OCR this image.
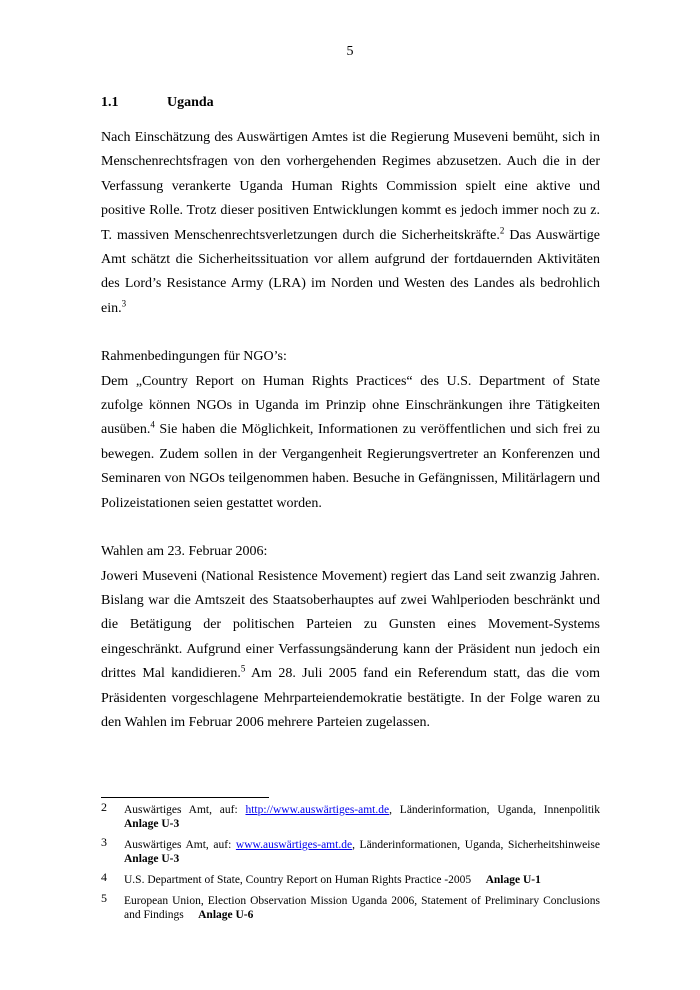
5
1.1	Uganda

Nach Einschätzung des Auswärtigen Amtes ist die Regierung Museveni bemüht, sich in Menschenrechtsfragen von den vorhergehenden Regimes abzusetzen. Auch die in der Verfassung verankerte Uganda Human Rights Commission spielt eine aktive und positive Rolle. Trotz dieser positiven Entwicklungen kommt es jedoch immer noch zu z. T. massiven Menschenrechtsverletzungen durch die Sicherheitskräfte.$^2$ Das Auswärtige Amt schätzt die Sicherheitssituation vor allem aufgrund der fortdauernden Aktivitäten des Lord’s Resistance Army (LRA) im Norden und Westen des Landes als bedrohlich ein.$^3$

Rahmenbedingungen für NGO’s:

Dem „Country Report on Human Rights Practices“ des U.S. Department of State zufolge können NGOs in Uganda im Prinzip ohne Einschränkungen ihre Tätigkeiten ausüben.$^4$ Sie haben die Möglichkeit, Informationen zu veröffentlichen und sich frei zu bewegen. Zudem sollen in der Vergangenheit Regierungsvertreter an Konferenzen und Seminaren von NGOs teilgenommen haben. Besuche in Gefängnissen, Militärlagern und Polizeistationen seien gestattet worden.

Wahlen am 23. Februar 2006:

Joweri Museveni (National Resistence Movement) regiert das Land seit zwanzig Jahren. Bislang war die Amtszeit des Staatsoberhauptes auf zwei Wahlperioden beschränkt und die Betätigung der politischen Parteien zu Gunsten eines Movement-Systems eingeschränkt. Aufgrund einer Verfassungsänderung kann der Präsident nun jedoch ein drittes Mal kandidieren.$^5$ Am 28. Juli 2005 fand ein Referendum statt, das die vom Präsidenten vorgeschlagene Mehrparteiendemokratie bestätigte. In der Folge waren zu den Wahlen im Februar 2006 mehrere Parteien zugelassen.

2 Auswärtiges Amt, auf: http://www.auswärtiges-amt.de, Länderinformation, Uganda, Innenpolitik Anlage U-3
3 Auswärtiges Amt, auf: www.auswärtiges-amt.de, Länderinformationen, Uganda, Sicherheitshinweise Anlage U-3
4 U.S. Department of State, Country Report on Human Rights Practice -2005     Anlage U-1
5 European Union, Election Observation Mission Uganda 2006, Statement of Preliminary Conclusions and Findings     Anlage U-6
